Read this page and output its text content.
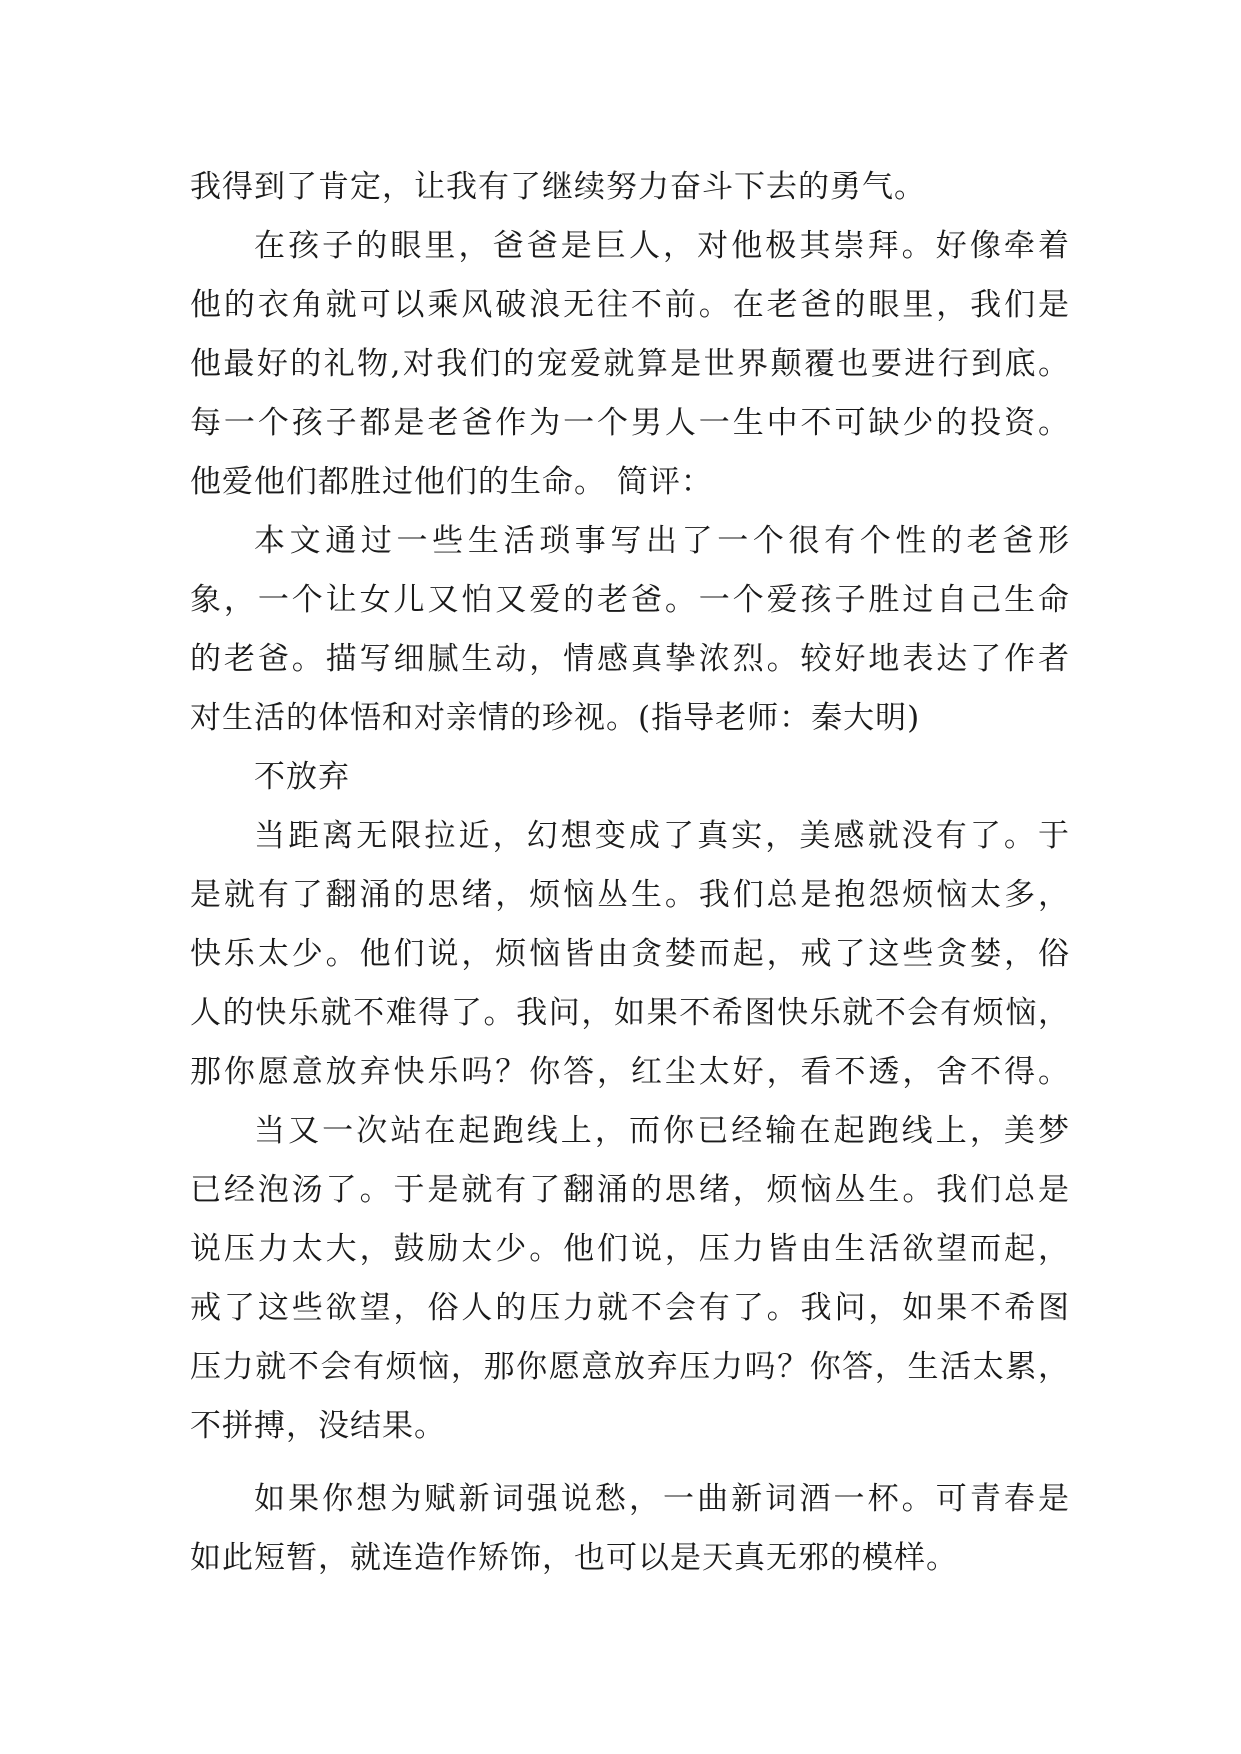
我得到了肯定，让我有了继续努力奋斗下去的勇气。
在孩子的眼里，爸爸是巨人，对他极其崇拜。好像牵着
他的衣角就可以乘风破浪无往不前。在老爸的眼里，我们是
他最好的礼物,对我们的宠爱就算是世界颠覆也要进行到底。
每一个孩子都是老爸作为一个男人一生中不可缺少的投资。
他爱他们都胜过他们的生命。 简评：
本文通过一些生活琐事写出了一个很有个性的老爸形
象，一个让女儿又怕又爱的老爸。一个爱孩子胜过自己生命
的老爸。描写细腻生动，情感真挚浓烈。较好地表达了作者
对生活的体悟和对亲情的珍视。(指导老师：秦大明)
不放弃
当距离无限拉近，幻想变成了真实，美感就没有了。于
是就有了翻涌的思绪，烦恼丛生。我们总是抱怨烦恼太多，
快乐太少。他们说，烦恼皆由贪婪而起，戒了这些贪婪，俗
人的快乐就不难得了。我问，如果不希图快乐就不会有烦恼，
那你愿意放弃快乐吗？你答，红尘太好，看不透，舍不得。
当又一次站在起跑线上，而你已经输在起跑线上，美梦
已经泡汤了。于是就有了翻涌的思绪，烦恼丛生。我们总是
说压力太大，鼓励太少。他们说，压力皆由生活欲望而起，
戒了这些欲望，俗人的压力就不会有了。我问，如果不希图
压力就不会有烦恼，那你愿意放弃压力吗？你答，生活太累，
不拼搏，没结果。
如果你想为赋新词强说愁，一曲新词酒一杯。可青春是
如此短暂，就连造作矫饰，也可以是天真无邪的模样。
